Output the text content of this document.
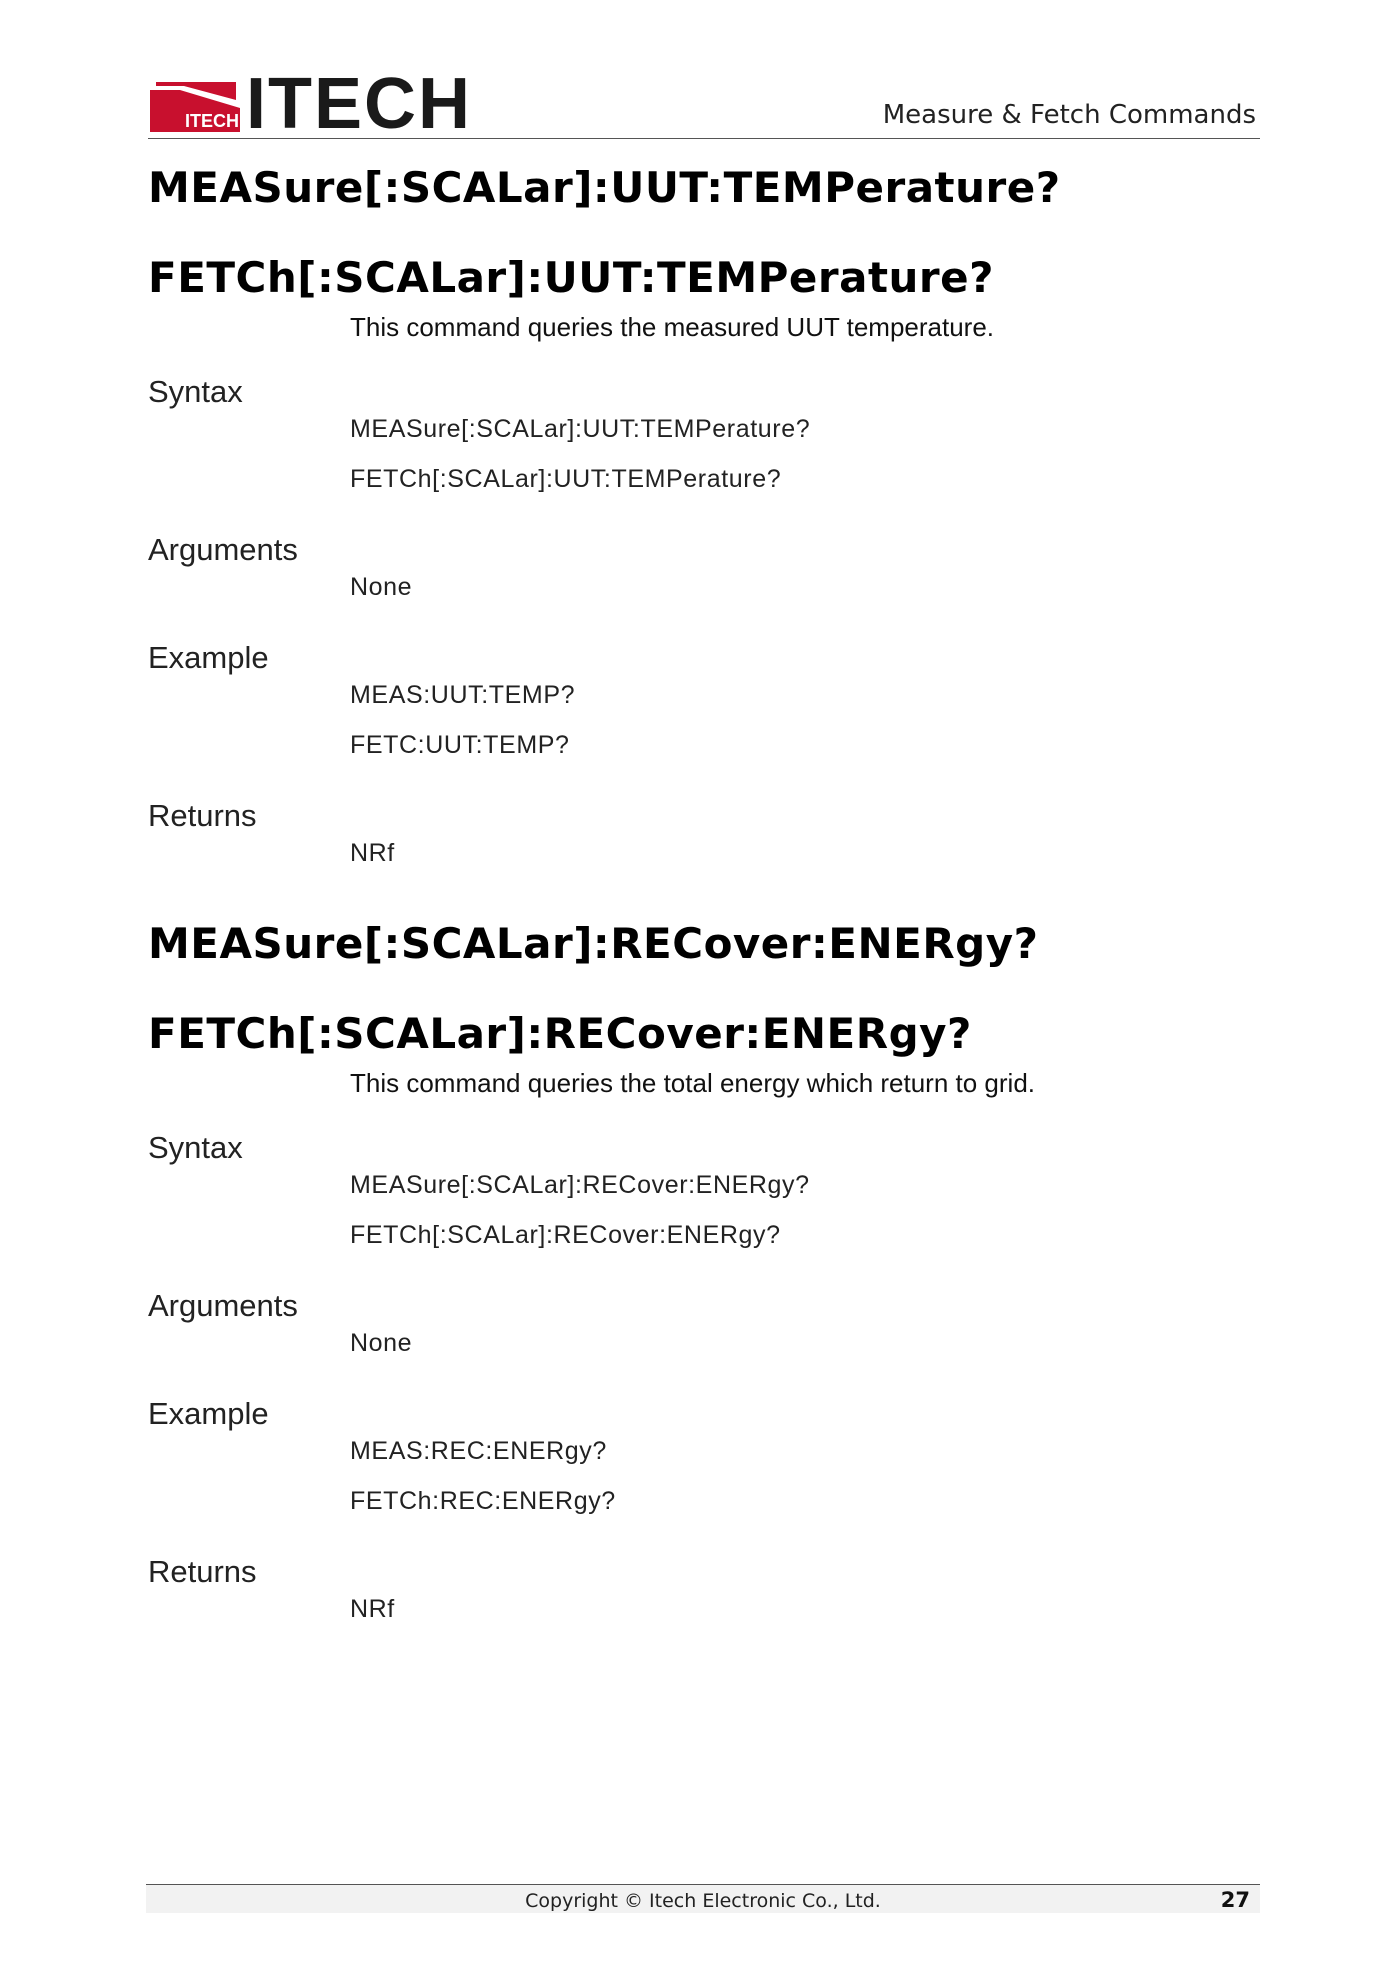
ITECH ITECH	Measure & Fetch Commands
MEASure[:SCALar]:UUT:TEMPerature?
FETCh[:SCALar]:UUT:TEMPerature?

This command queries the measured UUT temperature.

Syntax

MEASure[:SCALar]:UUT:TEMPerature?

FETCh[:SCALar]:UUT:TEMPerature?

Arguments

None

Example

MEAS:UUT:TEMP?

FETC:UUT:TEMP?

Returns

NRf

MEASure[:SCALar]:RECover:ENERgy?
FETCh[:SCALar]:RECover:ENERgy?

This command queries the total energy which return to grid.

Syntax

MEASure[:SCALar]:RECover:ENERgy?

FETCh[:SCALar]:RECover:ENERgy?

Arguments

None

Example

MEAS:REC:ENERgy?

FETCh:REC:ENERgy?

Returns

NRf

Copyright © Itech Electronic Co., Ltd.	27
